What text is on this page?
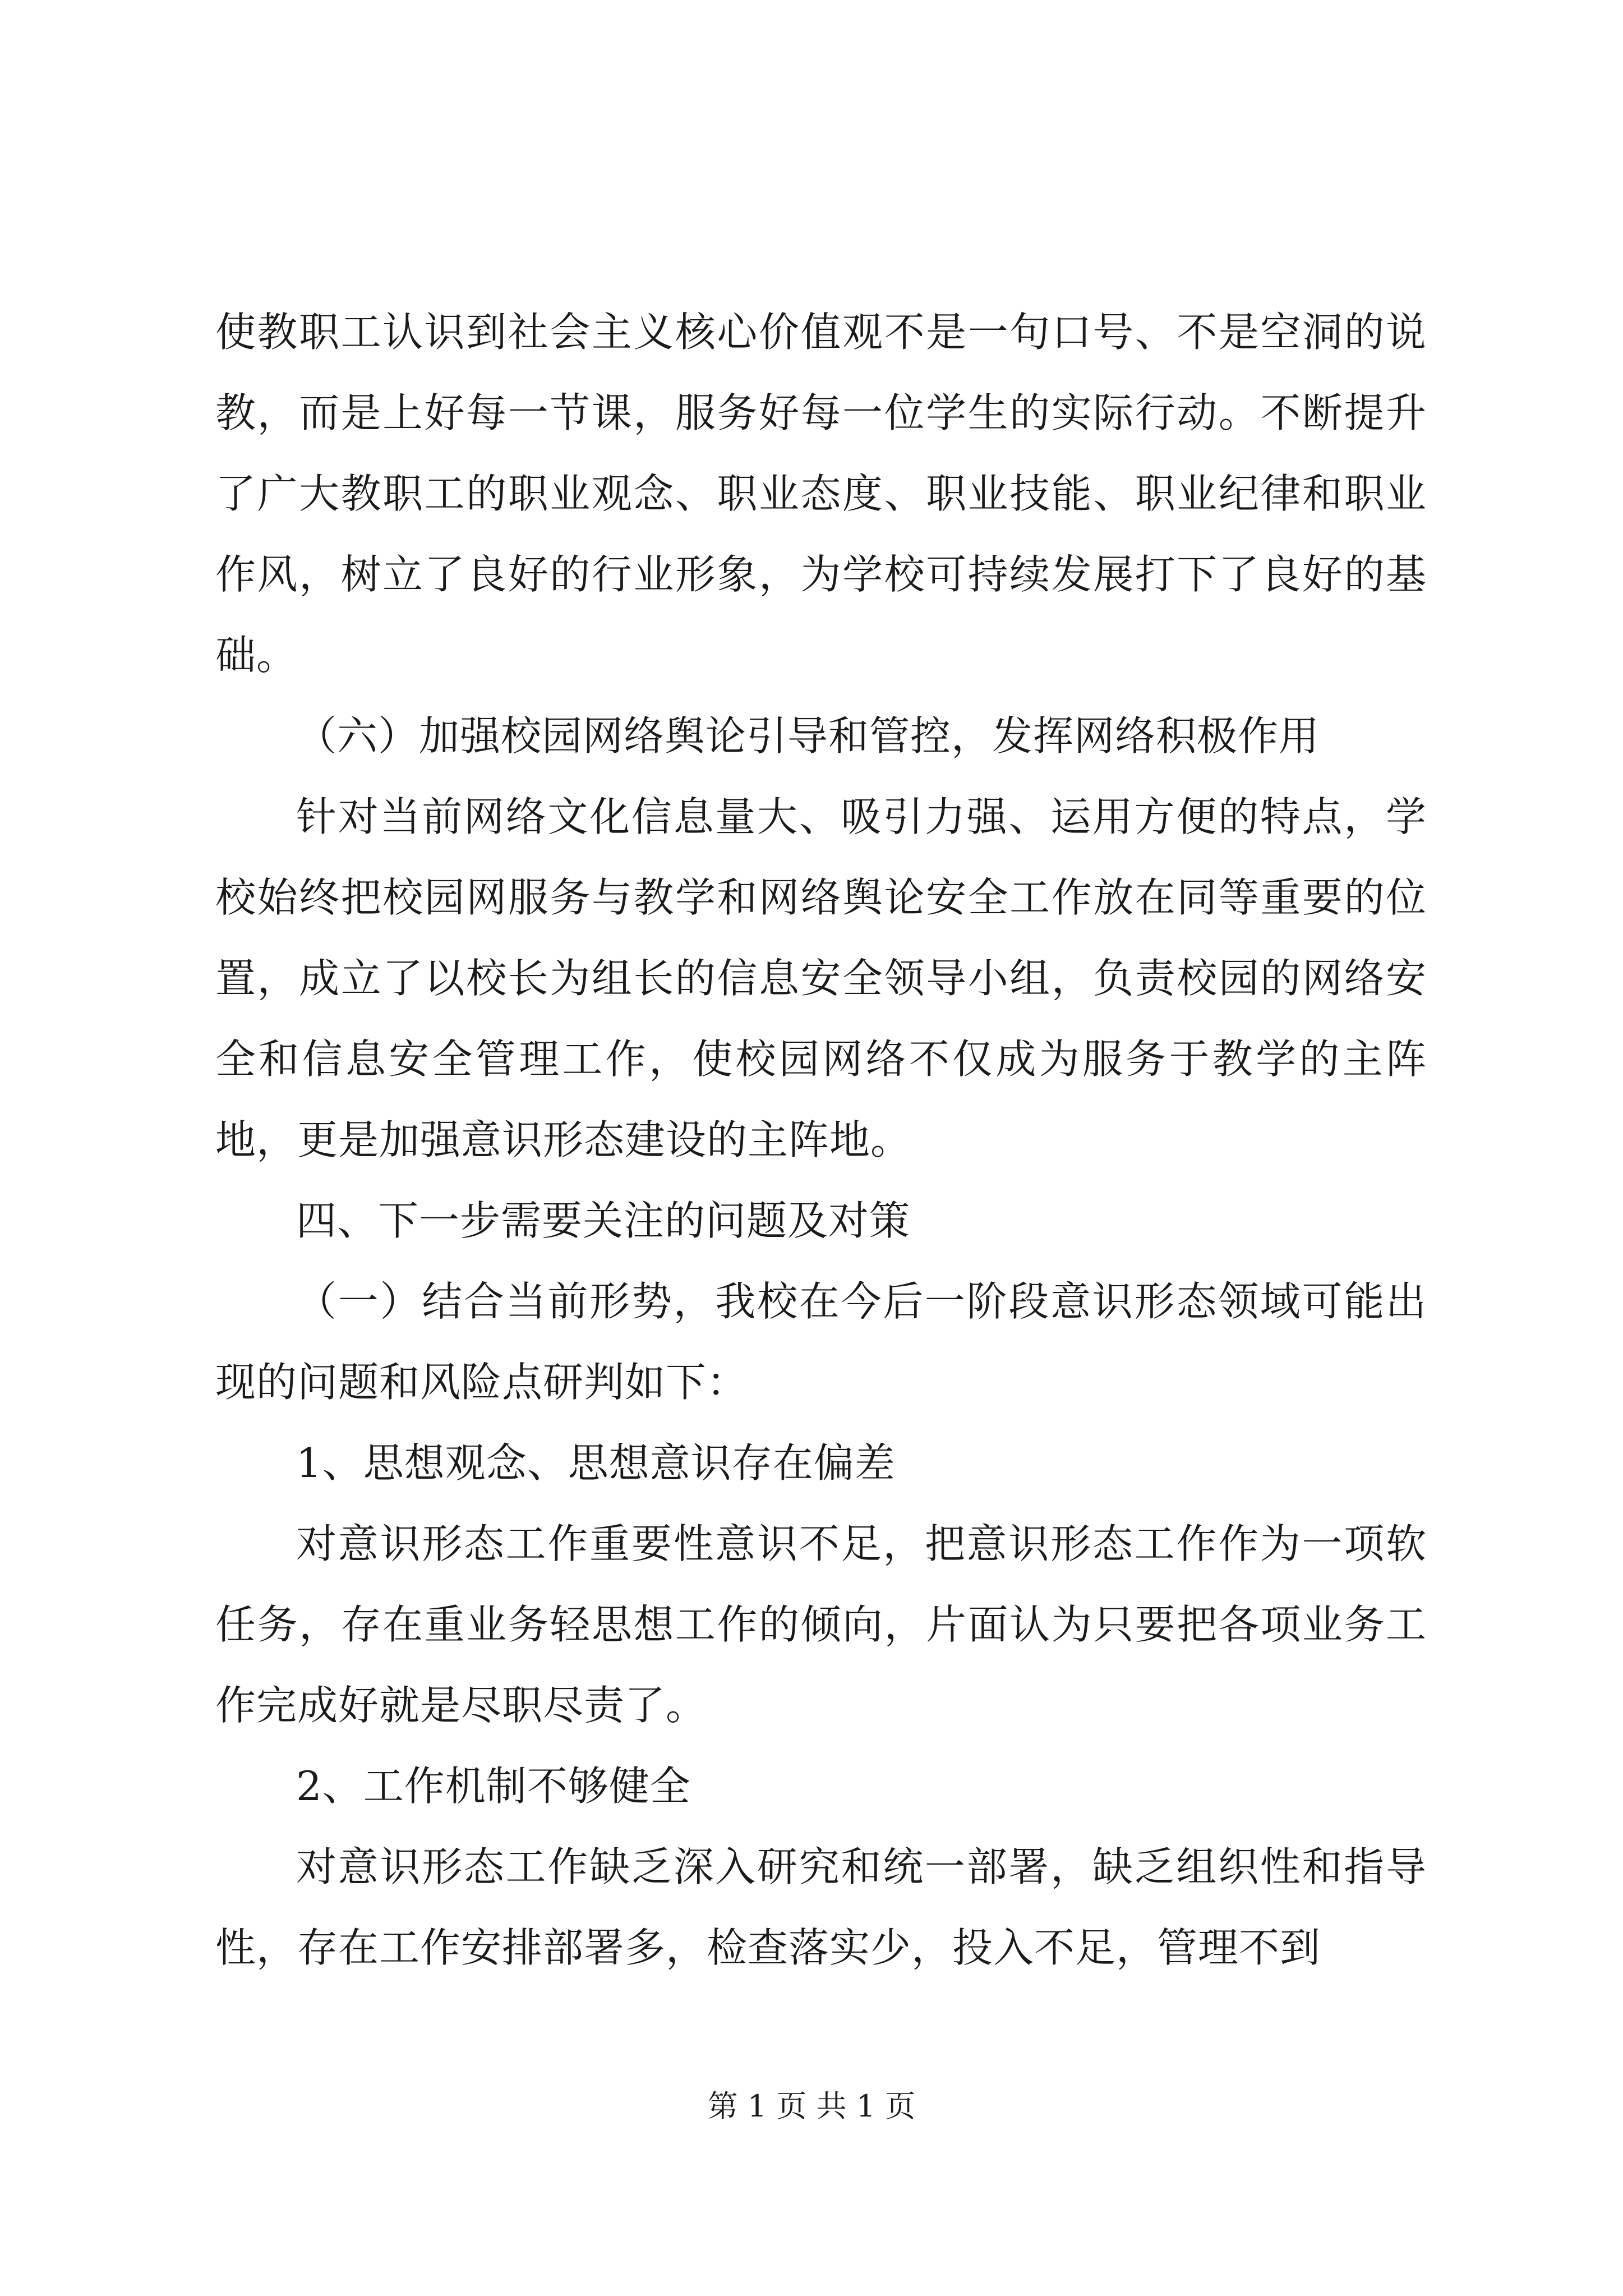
使教职工认识到社会主义核心价值观不是一句口号、不是空洞的说教，而是上好每一节课，服务好每一位学生的实际行动。不断提升了广大教职工的职业观念、职业态度、职业技能、职业纪律和职业作风，树立了良好的行业形象，为学校可持续发展打下了良好的基础。

（六）加强校园网络舆论引导和管控，发挥网络积极作用

针对当前网络文化信息量大、吸引力强、运用方便的特点，学校始终把校园网服务与教学和网络舆论安全工作放在同等重要的位置，成立了以校长为组长的信息安全领导小组，负责校园的网络安全和信息安全管理工作，使校园网络不仅成为服务于教学的主阵地，更是加强意识形态建设的主阵地。

四、下一步需要关注的问题及对策

（一）结合当前形势，我校在今后一阶段意识形态领域可能出现的问题和风险点研判如下：

1、思想观念、思想意识存在偏差

对意识形态工作重要性意识不足，把意识形态工作作为一项软任务，存在重业务轻思想工作的倾向，片面认为只要把各项业务工作完成好就是尽职尽责了。

2、工作机制不够健全

对意识形态工作缺乏深入研究和统一部署，缺乏组织性和指导性，存在工作安排部署多，检查落实少，投入不足，管理不到

第 1 页 共 1 页
